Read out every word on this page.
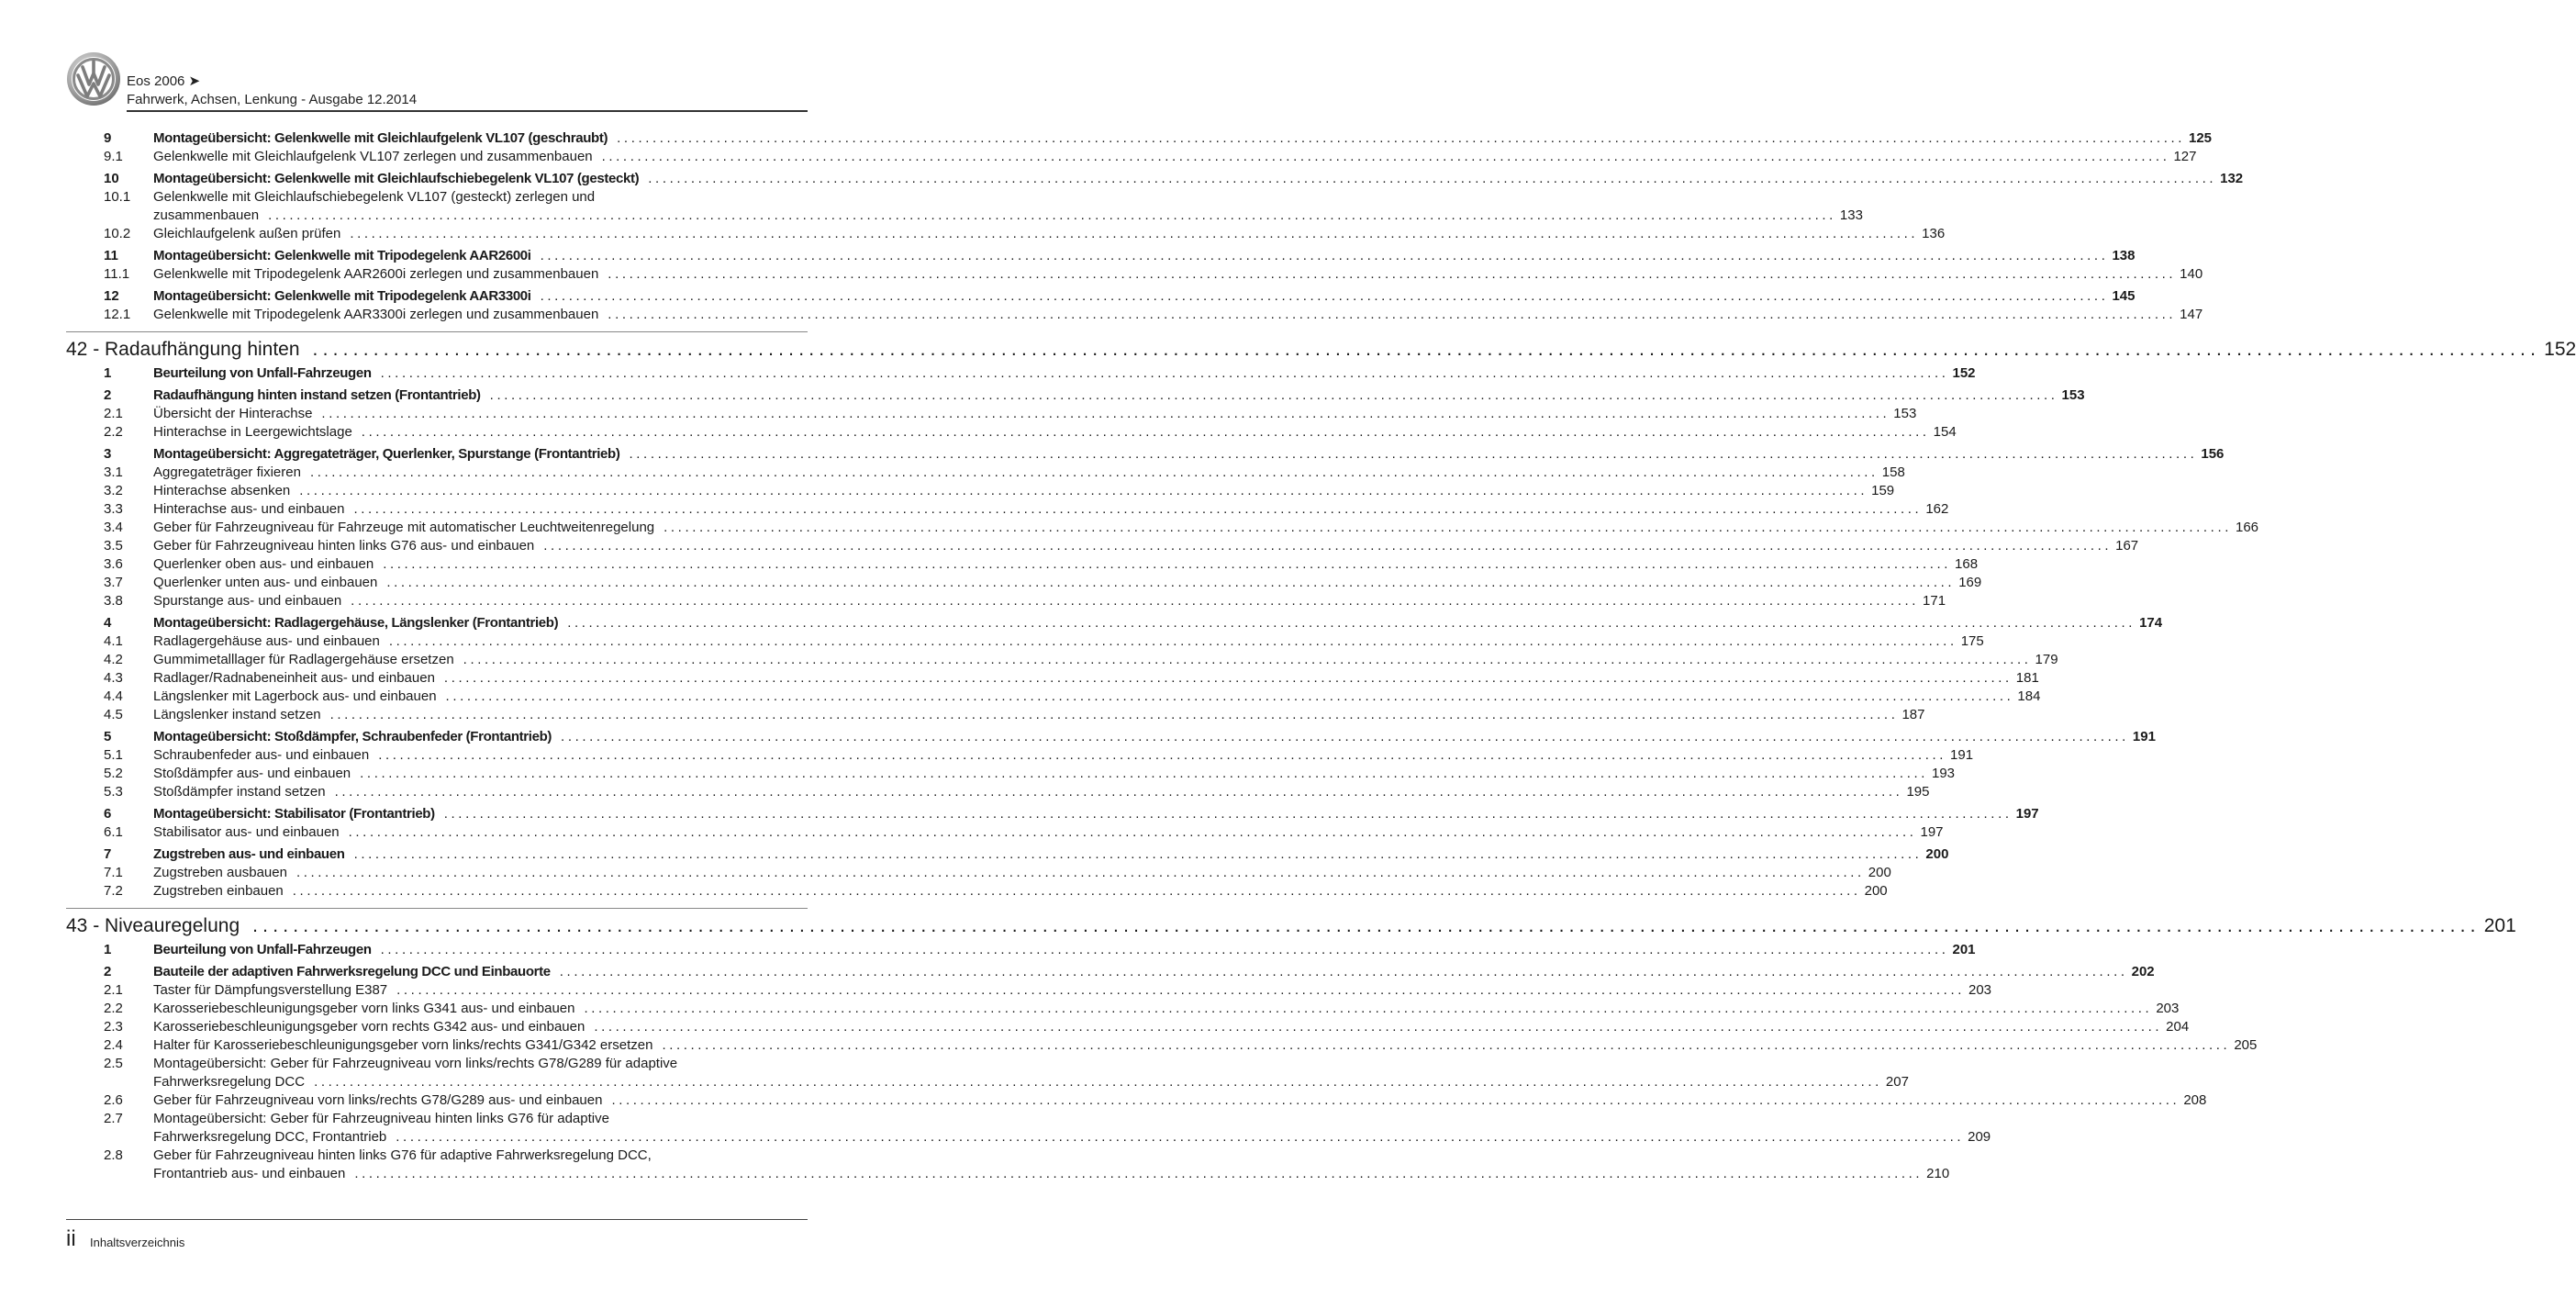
Eos 2006 ➤
Fahrwerk, Achsen, Lenkung - Ausgabe 12.2014
9	Montageübersicht: Gelenkwelle mit Gleichlaufgelenk VL107 (geschraubt) ............................................................................................................................................................................................................................ 125
9.1	Gelenkwelle mit Gleichlaufgelenk VL107 zerlegen und zusammenbauen ............................................................................................................................................................................................................................ 127
10	Montageübersicht: Gelenkwelle mit Gleichlaufschiebegelenk VL107 (gesteckt) ............................................................................................................................................................................................................................ 132
10.1	Gelenkwelle mit Gleichlaufschiebegelenk VL107 (gesteckt) zerlegen und
zusammenbauen ............................................................................................................................................................................................................................ 133
10.2	Gleichlaufgelenk außen prüfen ............................................................................................................................................................................................................................ 136
11	Montageübersicht: Gelenkwelle mit Tripodegelenk AAR2600i ............................................................................................................................................................................................................................ 138
11.1	Gelenkwelle mit Tripodegelenk AAR2600i zerlegen und zusammenbauen ............................................................................................................................................................................................................................ 140
12	Montageübersicht: Gelenkwelle mit Tripodegelenk AAR3300i ............................................................................................................................................................................................................................ 145
12.1	Gelenkwelle mit Tripodegelenk AAR3300i zerlegen und zusammenbauen ............................................................................................................................................................................................................................ 147
42 - Radaufhängung hinten ............................................................................................................................................................................................................................ 152
1	Beurteilung von Unfall-Fahrzeugen ............................................................................................................................................................................................................................ 152
2	Radaufhängung hinten instand setzen (Frontantrieb) ............................................................................................................................................................................................................................ 153
2.1	Übersicht der Hinterachse ............................................................................................................................................................................................................................ 153
2.2	Hinterachse in Leergewichtslage ............................................................................................................................................................................................................................ 154
3	Montageübersicht: Aggregateträger, Querlenker, Spurstange (Frontantrieb) ............................................................................................................................................................................................................................ 156
3.1	Aggregateträger fixieren ............................................................................................................................................................................................................................ 158
3.2	Hinterachse absenken ............................................................................................................................................................................................................................ 159
3.3	Hinterachse aus- und einbauen ............................................................................................................................................................................................................................ 162
3.4	Geber für Fahrzeugniveau für Fahrzeuge mit automatischer Leuchtweitenregelung ............................................................................................................................................................................................................................ 166
3.5	Geber für Fahrzeugniveau hinten links G76 aus- und einbauen ............................................................................................................................................................................................................................ 167
3.6	Querlenker oben aus- und einbauen ............................................................................................................................................................................................................................ 168
3.7	Querlenker unten aus- und einbauen ............................................................................................................................................................................................................................ 169
3.8	Spurstange aus- und einbauen ............................................................................................................................................................................................................................ 171
4	Montageübersicht: Radlagergehäuse, Längslenker (Frontantrieb) ............................................................................................................................................................................................................................ 174
4.1	Radlagergehäuse aus- und einbauen ............................................................................................................................................................................................................................ 175
4.2	Gummimetalllager für Radlagergehäuse ersetzen ............................................................................................................................................................................................................................ 179
4.3	Radlager/Radnabeneinheit aus- und einbauen ............................................................................................................................................................................................................................ 181
4.4	Längslenker mit Lagerbock aus- und einbauen ............................................................................................................................................................................................................................ 184
4.5	Längslenker instand setzen ............................................................................................................................................................................................................................ 187
5	Montageübersicht: Stoßdämpfer, Schraubenfeder (Frontantrieb) ............................................................................................................................................................................................................................ 191
5.1	Schraubenfeder aus- und einbauen ............................................................................................................................................................................................................................ 191
5.2	Stoßdämpfer aus- und einbauen ............................................................................................................................................................................................................................ 193
5.3	Stoßdämpfer instand setzen ............................................................................................................................................................................................................................ 195
6	Montageübersicht: Stabilisator (Frontantrieb) ............................................................................................................................................................................................................................ 197
6.1	Stabilisator aus- und einbauen ............................................................................................................................................................................................................................ 197
7	Zugstreben aus- und einbauen ............................................................................................................................................................................................................................ 200
7.1	Zugstreben ausbauen ............................................................................................................................................................................................................................ 200
7.2	Zugstreben einbauen ............................................................................................................................................................................................................................ 200
43 - Niveauregelung ............................................................................................................................................................................................................................ 201
1	Beurteilung von Unfall-Fahrzeugen ............................................................................................................................................................................................................................ 201
2	Bauteile der adaptiven Fahrwerksregelung DCC und Einbauorte ............................................................................................................................................................................................................................ 202
2.1	Taster für Dämpfungsverstellung E387 ............................................................................................................................................................................................................................ 203
2.2	Karosseriebeschleunigungsgeber vorn links G341 aus- und einbauen ............................................................................................................................................................................................................................ 203
2.3	Karosseriebeschleunigungsgeber vorn rechts G342 aus- und einbauen ............................................................................................................................................................................................................................ 204
2.4	Halter für Karosseriebeschleunigungsgeber vorn links/rechts G341/G342 ersetzen ............................................................................................................................................................................................................................ 205
2.5	Montageübersicht: Geber für Fahrzeugniveau vorn links/rechts G78/G289 für adaptive
Fahrwerksregelung DCC ............................................................................................................................................................................................................................ 207
2.6	Geber für Fahrzeugniveau vorn links/rechts G78/G289 aus- und einbauen ............................................................................................................................................................................................................................ 208
2.7	Montageübersicht: Geber für Fahrzeugniveau hinten links G76 für adaptive
Fahrwerksregelung DCC, Frontantrieb ............................................................................................................................................................................................................................ 209
2.8	Geber für Fahrzeugniveau hinten links G76 für adaptive Fahrwerksregelung DCC,
Frontantrieb aus- und einbauen ............................................................................................................................................................................................................................ 210
ii Inhaltsverzeichnis
